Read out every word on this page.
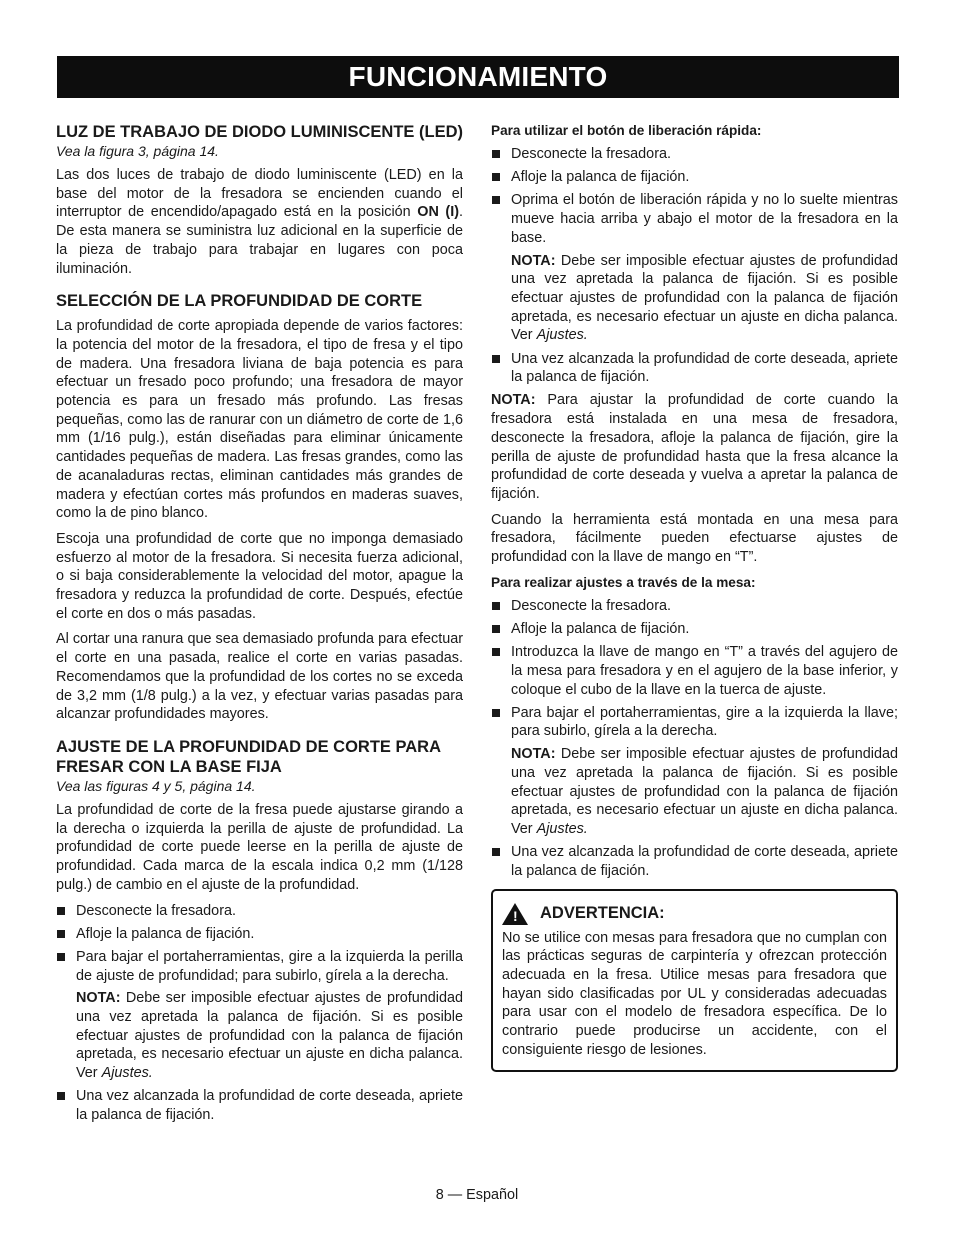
FUNCIONAMIENTO
LUZ DE TRABAJO DE DIODO LUMINISCENTE (LED)
Vea la figura 3, página 14.

Las dos luces de trabajo de diodo luminiscente (LED) en la base del motor de la fresadora se encienden cuando el interruptor de encendido/apagado está en la posición ON (I). De esta manera se suministra luz adicional en la superficie de la pieza de trabajo para trabajar en lugares con poca iluminación.

SELECCIÓN DE LA PROFUNDIDAD DE CORTE

La profundidad de corte apropiada depende de varios factores: la potencia del motor de la fresadora, el tipo de fresa y el tipo de madera. Una fresadora liviana de baja potencia es para efectuar un fresado poco profundo; una fresadora de mayor potencia es para un fresado más profundo. Las fresas pequeñas, como las de ranurar con un diámetro de corte de 1,6 mm (1/16 pulg.), están diseñadas para eliminar únicamente cantidades pequeñas de madera. Las fresas grandes, como las de acanaladuras rectas, eliminan cantidades más grandes de madera y efectúan cortes más profundos en maderas suaves, como la de pino blanco.

Escoja una profundidad de corte que no imponga demasiado esfuerzo al motor de la fresadora. Si necesita fuerza adicional, o si baja considerablemente la velocidad del motor, apague la fresadora y reduzca la profundidad de corte. Después, efectúe el corte en dos o más pasadas.

Al cortar una ranura que sea demasiado profunda para efectuar el corte en una pasada, realice el corte en varias pasadas. Recomendamos que la profundidad de los cortes no se exceda de 3,2 mm (1/8 pulg.) a la vez, y efectuar varias pasadas para alcanzar profundidades mayores.

AJUSTE DE LA PROFUNDIDAD DE CORTE PARA FRESAR CON LA BASE FIJA
Vea las figuras 4 y 5, página 14.

La profundidad de corte de la fresa puede ajustarse girando a la derecha o izquierda la perilla de ajuste de profundidad. La profundidad de corte puede leerse en la perilla de ajuste de profundidad. Cada marca de la escala indica 0,2 mm (1/128 pulg.) de cambio en el ajuste de la profundidad.

Desconecte la fresadora.
Afloje la palanca de fijación.
Para bajar el portaherramientas, gire a la izquierda la perilla de ajuste de profundidad; para subirlo, gírela a la derecha.

NOTA: Debe ser imposible efectuar ajustes de profundidad una vez apretada la palanca de fijación. Si es posible efectuar ajustes de profundidad con la palanca de fijación apretada, es necesario efectuar un ajuste en dicha palanca. Ver Ajustes.

Una vez alcanzada la profundidad de corte deseada, apriete la palanca de fijación.
Para utilizar el botón de liberación rápida:
Desconecte la fresadora.
Afloje la palanca de fijación.
Oprima el botón de liberación rápida y no lo suelte mientras mueve hacia arriba y abajo el motor de la fresadora en la base.

NOTA: Debe ser imposible efectuar ajustes de profundidad una vez apretada la palanca de fijación. Si es posible efectuar ajustes de profundidad con la palanca de fijación apretada, es necesario efectuar un ajuste en dicha palanca. Ver Ajustes.

Una vez alcanzada la profundidad de corte deseada, apriete la palanca de fijación.

NOTA: Para ajustar la profundidad de corte cuando la fresadora está instalada en una mesa de fresadora, desconecte la fresadora, afloje la palanca de fijación, gire la perilla de ajuste de profundidad hasta que la fresa alcance la profundidad de corte deseada y vuelva a apretar la palanca de fijación.

Cuando la herramienta está montada en una mesa para fresadora, fácilmente pueden efectuarse ajustes de profundidad con la llave de mango en “T”.

Para realizar ajustes a través de la mesa:
Desconecte la fresadora.
Afloje la palanca de fijación.
Introduzca la llave de mango en “T” a través del agujero de la mesa para fresadora y en el agujero de la base inferior, y coloque el cubo de la llave en la tuerca de ajuste.
Para bajar el portaherramientas, gire a la izquierda la llave; para subirlo, gírela a la derecha.

NOTA: Debe ser imposible efectuar ajustes de profundidad una vez apretada la palanca de fijación. Si es posible efectuar ajustes de profundidad con la palanca de fijación apretada, es necesario efectuar un ajuste en dicha palanca. Ver Ajustes.

Una vez alcanzada la profundidad de corte deseada, apriete la palanca de fijación.
! ADVERTENCIA:

No se utilice con mesas para fresadora que no cumplan con las prácticas seguras de carpintería y ofrezcan protección adecuada en la fresa. Utilice mesas para fresadora que hayan sido clasificadas por UL y consideradas adecuadas para usar con el modelo de fresadora específica. De lo contrario puede producirse un accidente, con el consiguiente riesgo de lesiones.

8 — Español
